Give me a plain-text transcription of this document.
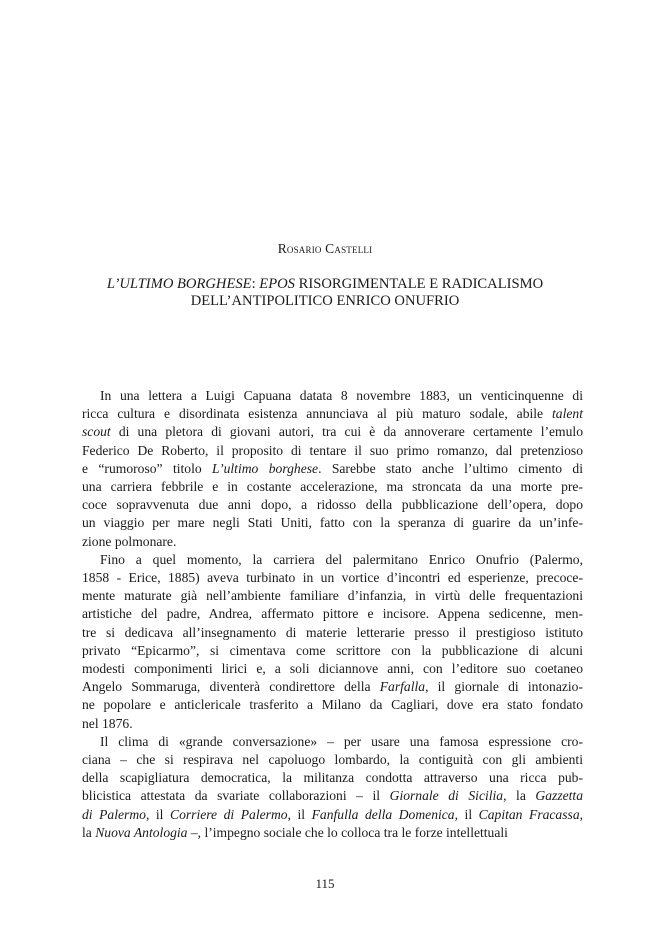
Rosario Castelli
L’ULTIMO BORGHESE: EPOS RISORGIMENTALE E RADICALISMO
DELL’ANTIPOLITICO ENRICO ONUFRIO
In una lettera a Luigi Capuana datata 8 novembre 1883, un venticinquenne di
ricca cultura e disordinata esistenza annunciava al più maturo sodale, abile talent
scout di una pletora di giovani autori, tra cui è da annoverare certamente l’emulo
Federico De Roberto, il proposito di tentare il suo primo romanzo, dal pretenzioso
e “rumoroso” titolo L’ultimo borghese. Sarebbe stato anche l’ultimo cimento di
una carriera febbrile e in costante accelerazione, ma stroncata da una morte pre-
coce sopravvenuta due anni dopo, a ridosso della pubblicazione dell’opera, dopo
un viaggio per mare negli Stati Uniti, fatto con la speranza di guarire da un’infe-
zione polmonare.
Fino a quel momento, la carriera del palermitano Enrico Onufrio (Palermo,
1858 - Erice, 1885) aveva turbinato in un vortice d’incontri ed esperienze, precoce-
mente maturate già nell’ambiente familiare d’infanzia, in virtù delle frequentazioni
artistiche del padre, Andrea, affermato pittore e incisore. Appena sedicenne, men-
tre si dedicava all’insegnamento di materie letterarie presso il prestigioso istituto
privato “Epicarmo”, si cimentava come scrittore con la pubblicazione di alcuni
modesti componimenti lirici e, a soli diciannove anni, con l’editore suo coetaneo
Angelo Sommaruga, diventerà condirettore della Farfalla, il giornale di intonazio-
ne popolare e anticlericale trasferito a Milano da Cagliari, dove era stato fondato
nel 1876.
Il clima di «grande conversazione» – per usare una famosa espressione cro-
ciana – che si respirava nel capoluogo lombardo, la contiguità con gli ambienti
della scapigliatura democratica, la militanza condotta attraverso una ricca pub-
blicistica attestata da svariate collaborazioni – il Giornale di Sicilia, la Gazzetta
di Palermo, il Corriere di Palermo, il Fanfulla della Domenica, il Capitan Fracassa,
la Nuova Antologia –, l’impegno sociale che lo colloca tra le forze intellettuali
115
